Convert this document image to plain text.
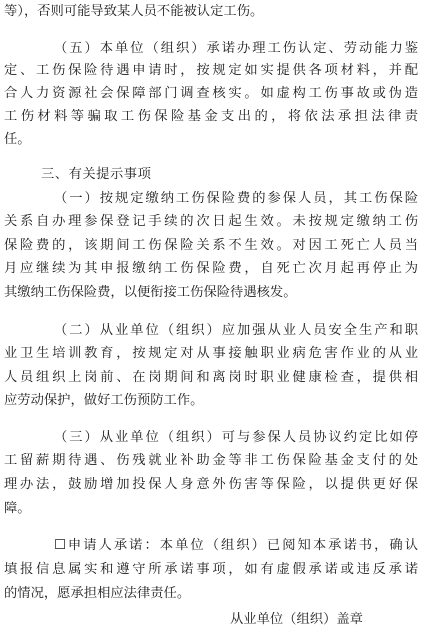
等），否则可能导致某人员不能被认定工伤。
（五）本单位（组织）承诺办理工伤认定、劳动能力鉴
定、工伤保险待遇申请时，按规定如实提供各项材料，并配
合人力资源社会保障部门调查核实。如虚构工伤事故或伪造
工伤材料等骗取工伤保险基金支出的，将依法承担法律责
任。
三、有关提示事项
（一）按规定缴纳工伤保险费的参保人员，其工伤保险
关系自办理参保登记手续的次日起生效。未按规定缴纳工伤
保险费的，该期间工伤保险关系不生效。对因工死亡人员当
月应继续为其申报缴纳工伤保险费，自死亡次月起再停止为
其缴纳工伤保险费，以便衔接工伤保险待遇核发。
（二）从业单位（组织）应加强从业人员安全生产和职
业卫生培训教育，按规定对从事接触职业病危害作业的从业
人员组织上岗前、在岗期间和离岗时职业健康检查，提供相
应劳动保护，做好工伤预防工作。
（三）从业单位（组织）可与参保人员协议约定比如停
工留薪期待遇、伤残就业补助金等非工伤保险基金支付的处
理办法，鼓励增加投保人身意外伤害等保险，以提供更好保
障。
☐申请人承诺：本单位（组织）已阅知本承诺书，确认
填报信息属实和遵守所承诺事项，如有虚假承诺或违反承诺
的情况，愿承担相应法律责任。
从业单位（组织）盖章
